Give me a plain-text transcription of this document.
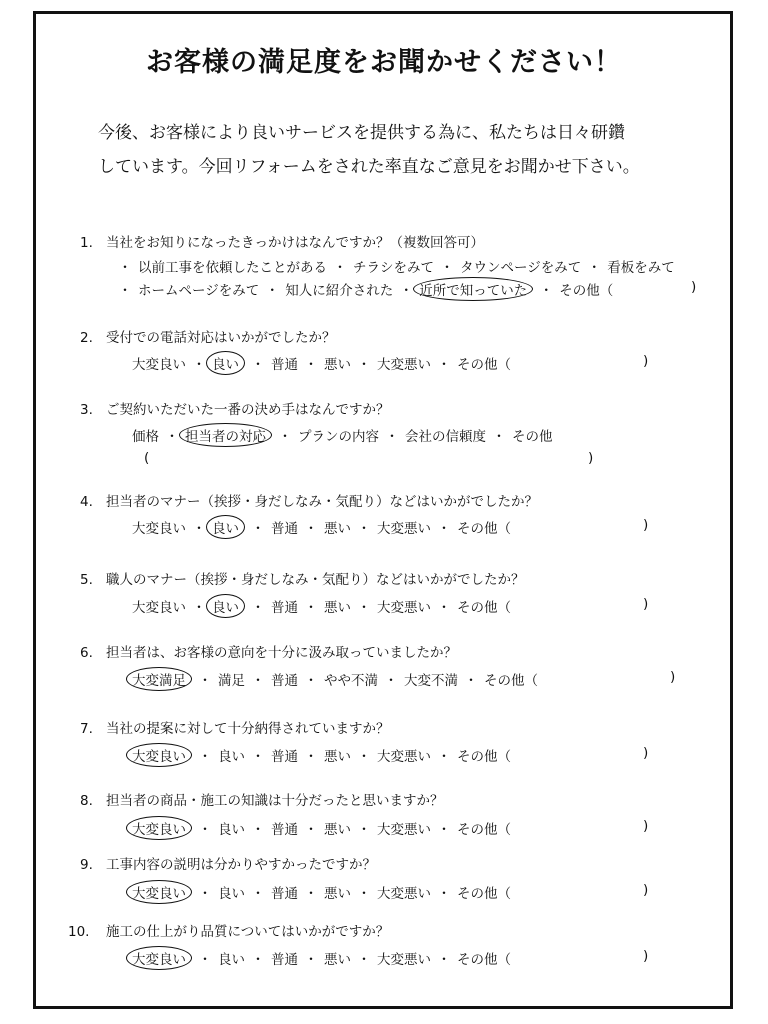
お客様の満足度をお聞かせください！
今後、お客様により良いサービスを提供する為に、私たちは日々研鑽
しています。今回リフォームをされた率直なご意見をお聞かせ下さい。
1. 当社をお知りになったきっかけはなんですか？（複数回答可）
・ 以前工事を依頼したことがある ・ チラシをみて ・ タウンページをみて ・ 看板をみて
・ ホームページをみて ・ 知人に紹介された ・ 近所で知っていた ・ その他（	)
2. 受付での電話対応はいかがでしたか？
大変良い ・ 良い ・ 普通 ・ 悪い ・ 大変悪い ・ その他（	)
3. ご契約いただいた一番の決め手はなんですか？
価格 ・ 担当者の対応 ・ プランの内容 ・ 会社の信頼度 ・ その他
(	)
4. 担当者のマナー（挨拶・身だしなみ・気配り）などはいかがでしたか？
大変良い ・ 良い ・ 普通 ・ 悪い ・ 大変悪い ・ その他（	)
5. 職人のマナー（挨拶・身だしなみ・気配り）などはいかがでしたか？
大変良い ・ 良い ・ 普通 ・ 悪い ・ 大変悪い ・ その他（	)
6. 担当者は、お客様の意向を十分に汲み取っていましたか？
大変満足 ・ 満足 ・ 普通 ・ やや不満 ・ 大変不満 ・ その他（	)
7. 当社の提案に対して十分納得されていますか？
大変良い ・ 良い ・ 普通 ・ 悪い ・ 大変悪い ・ その他（	)
8. 担当者の商品・施工の知識は十分だったと思いますか？
大変良い ・ 良い ・ 普通 ・ 悪い ・ 大変悪い ・ その他（	)
9. 工事内容の説明は分かりやすかったですか？
大変良い ・ 良い ・ 普通 ・ 悪い ・ 大変悪い ・ その他（	)
10. 施工の仕上がり品質についてはいかがですか？
大変良い ・ 良い ・ 普通 ・ 悪い ・ 大変悪い ・ その他（	)
